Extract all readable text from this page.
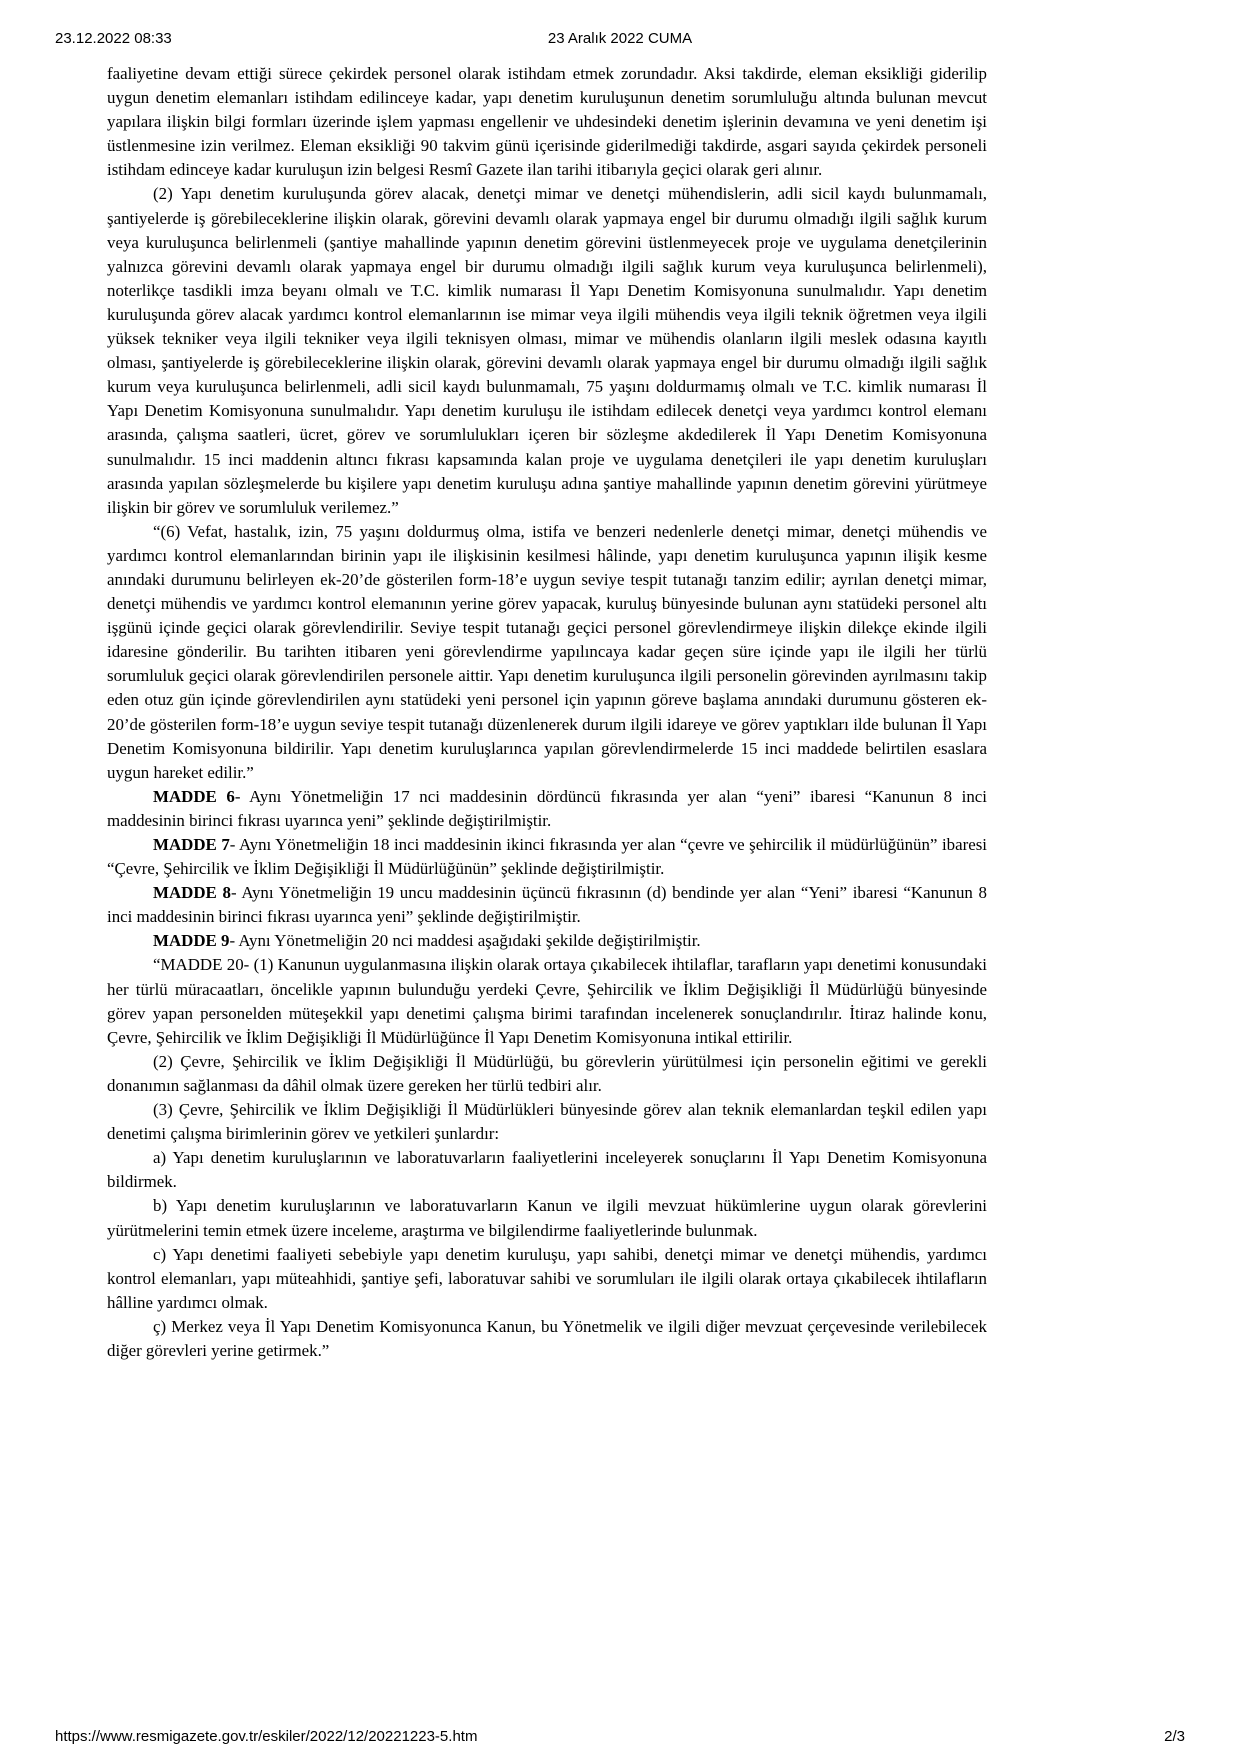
23.12.2022 08:33	23 Aralık 2022 CUMA

faaliyetine devam ettiği sürece çekirdek personel olarak istihdam etmek zorundadır. Aksi takdirde, eleman eksikliği giderilip uygun denetim elemanları istihdam edilinceye kadar, yapı denetim kuruluşunun denetim sorumluluğu altında bulunan mevcut yapılara ilişkin bilgi formları üzerinde işlem yapması engellenir ve uhdesindeki denetim işlerinin devamına ve yeni denetim işi üstlenmesine izin verilmez. Eleman eksikliği 90 takvim günü içerisinde giderilmediği takdirde, asgari sayıda çekirdek personeli istihdam edinceye kadar kuruluşun izin belgesi Resmî Gazete ilan tarihi itibarıyla geçici olarak geri alınır.

(2) Yapı denetim kuruluşunda görev alacak, denetçi mimar ve denetçi mühendislerin, adli sicil kaydı bulunmamalı, şantiyelerde iş görebileceklerine ilişkin olarak, görevini devamlı olarak yapmaya engel bir durumu olmadığı ilgili sağlık kurum veya kuruluşunca belirlenmeli (şantiye mahallinde yapının denetim görevini üstlenmeyecek proje ve uygulama denetçilerinin yalnızca görevini devamlı olarak yapmaya engel bir durumu olmadığı ilgili sağlık kurum veya kuruluşunca belirlenmeli), noterlikçe tasdikli imza beyanı olmalı ve T.C. kimlik numarası İl Yapı Denetim Komisyonuna sunulmalıdır. Yapı denetim kuruluşunda görev alacak yardımcı kontrol elemanlarının ise mimar veya ilgili mühendis veya ilgili teknik öğretmen veya ilgili yüksek tekniker veya ilgili tekniker veya ilgili teknisyen olması, mimar ve mühendis olanların ilgili meslek odasına kayıtlı olması, şantiyelerde iş görebileceklerine ilişkin olarak, görevini devamlı olarak yapmaya engel bir durumu olmadığı ilgili sağlık kurum veya kuruluşunca belirlenmeli, adli sicil kaydı bulunmamalı, 75 yaşını doldurmamış olmalı ve T.C. kimlik numarası İl Yapı Denetim Komisyonuna sunulmalıdır. Yapı denetim kuruluşu ile istihdam edilecek denetçi veya yardımcı kontrol elemanı arasında, çalışma saatleri, ücret, görev ve sorumlulukları içeren bir sözleşme akdedilerek İl Yapı Denetim Komisyonuna sunulmalıdır. 15 inci maddenin altıncı fıkrası kapsamında kalan proje ve uygulama denetçileri ile yapı denetim kuruluşları arasında yapılan sözleşmelerde bu kişilere yapı denetim kuruluşu adına şantiye mahallinde yapının denetim görevini yürütmeye ilişkin bir görev ve sorumluluk verilemez.”

“(6) Vefat, hastalık, izin, 75 yaşını doldurmuş olma, istifa ve benzeri nedenlerle denetçi mimar, denetçi mühendis ve yardımcı kontrol elemanlarından birinin yapı ile ilişkisinin kesilmesi hâlinde, yapı denetim kuruluşunca yapının ilişik kesme anındaki durumunu belirleyen ek-20’de gösterilen form-18’e uygun seviye tespit tutanağı tanzim edilir; ayrılan denetçi mimar, denetçi mühendis ve yardımcı kontrol elemanının yerine görev yapacak, kuruluş bünyesinde bulunan aynı statüdeki personel altı işgünü içinde geçici olarak görevlendirilir. Seviye tespit tutanağı geçici personel görevlendirmeye ilişkin dilekçe ekinde ilgili idaresine gönderilir. Bu tarihten itibaren yeni görevlendirme yapılıncaya kadar geçen süre içinde yapı ile ilgili her türlü sorumluluk geçici olarak görevlendirilen personele aittir. Yapı denetim kuruluşunca ilgili personelin görevinden ayrılmasını takip eden otuz gün içinde görevlendirilen aynı statüdeki yeni personel için yapının göreve başlama anındaki durumunu gösteren ek-20’de gösterilen form-18’e uygun seviye tespit tutanağı düzenlenerek durum ilgili idareye ve görev yaptıkları ilde bulunan İl Yapı Denetim Komisyonuna bildirilir. Yapı denetim kuruluşlarınca yapılan görevlendirmelerde 15 inci maddede belirtilen esaslara uygun hareket edilir.”

MADDE 6- Aynı Yönetmeliğin 17 nci maddesinin dördüncü fıkrasında yer alan “yeni” ibaresi “Kanunun 8 inci maddesinin birinci fıkrası uyarınca yeni” şeklinde değiştirilmiştir.

MADDE 7- Aynı Yönetmeliğin 18 inci maddesinin ikinci fıkrasında yer alan “çevre ve şehircilik il müdürlüğünün” ibaresi “Çevre, Şehircilik ve İklim Değişikliği İl Müdürlüğünün” şeklinde değiştirilmiştir.

MADDE 8- Aynı Yönetmeliğin 19 uncu maddesinin üçüncü fıkrasının (d) bendinde yer alan “Yeni” ibaresi “Kanunun 8 inci maddesinin birinci fıkrası uyarınca yeni” şeklinde değiştirilmiştir.

MADDE 9- Aynı Yönetmeliğin 20 nci maddesi aşağıdaki şekilde değiştirilmiştir.

“MADDE 20- (1) Kanunun uygulanmasına ilişkin olarak ortaya çıkabilecek ihtilaflar, tarafların yapı denetimi konusundaki her türlü müracaatları, öncelikle yapının bulunduğu yerdeki Çevre, Şehircilik ve İklim Değişikliği İl Müdürlüğü bünyesinde görev yapan personelden müteşekkil yapı denetimi çalışma birimi tarafından incelenerek sonuçlandırılır. İtiraz halinde konu, Çevre, Şehircilik ve İklim Değişikliği İl Müdürlüğünce İl Yapı Denetim Komisyonuna intikal ettirilir.

(2) Çevre, Şehircilik ve İklim Değişikliği İl Müdürlüğü, bu görevlerin yürütülmesi için personelin eğitimi ve gerekli donanımın sağlanması da dâhil olmak üzere gereken her türlü tedbiri alır.

(3) Çevre, Şehircilik ve İklim Değişikliği İl Müdürlükleri bünyesinde görev alan teknik elemanlardan teşkil edilen yapı denetimi çalışma birimlerinin görev ve yetkileri şunlardır:

a) Yapı denetim kuruluşlarının ve laboratuvarların faaliyetlerini inceleyerek sonuçlarını İl Yapı Denetim Komisyonuna bildirmek.

b) Yapı denetim kuruluşlarının ve laboratuvarların Kanun ve ilgili mevzuat hükümlerine uygun olarak görevlerini yürütmelerini temin etmek üzere inceleme, araştırma ve bilgilendirme faaliyetlerinde bulunmak.

c) Yapı denetimi faaliyeti sebebiyle yapı denetim kuruluşu, yapı sahibi, denetçi mimar ve denetçi mühendis, yardımcı kontrol elemanları, yapı müteahhidi, şantiye şefi, laboratuvar sahibi ve sorumluları ile ilgili olarak ortaya çıkabilecek ihtilafların hâlline yardımcı olmak.

ç) Merkez veya İl Yapı Denetim Komisyonunca Kanun, bu Yönetmelik ve ilgili diğer mevzuat çerçevesinde verilebilecek diğer görevleri yerine getirmek.”

https://www.resmigazete.gov.tr/eskiler/2022/12/20221223-5.htm	2/3
